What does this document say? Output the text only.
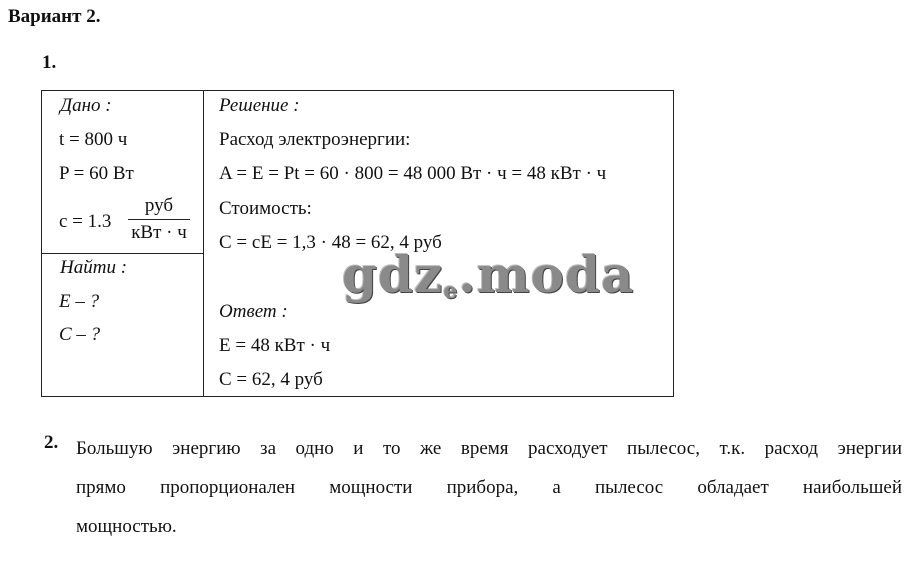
Вариант 2.
1.
Дано :
t = 800 ч
P = 60 Вт
c = 1.3
руб
кВт · ч
Найти :
E – ?
C – ?
Решение :
Расход электроэнергии:
A = E = Pt = 60 · 800 = 48 000 Вт · ч = 48 кВт · ч
Стоимость:
C = cE = 1,3 · 48 = 62, 4 руб
Ответ :
E = 48 кВт · ч
C = 62, 4 руб
gdze.moda
2. Большую энергию за одно и то же время расходует пылесос, т.к. расход энергии
прямо пропорционален мощности прибора, а пылесос обладает наибольшей
мощностью.
